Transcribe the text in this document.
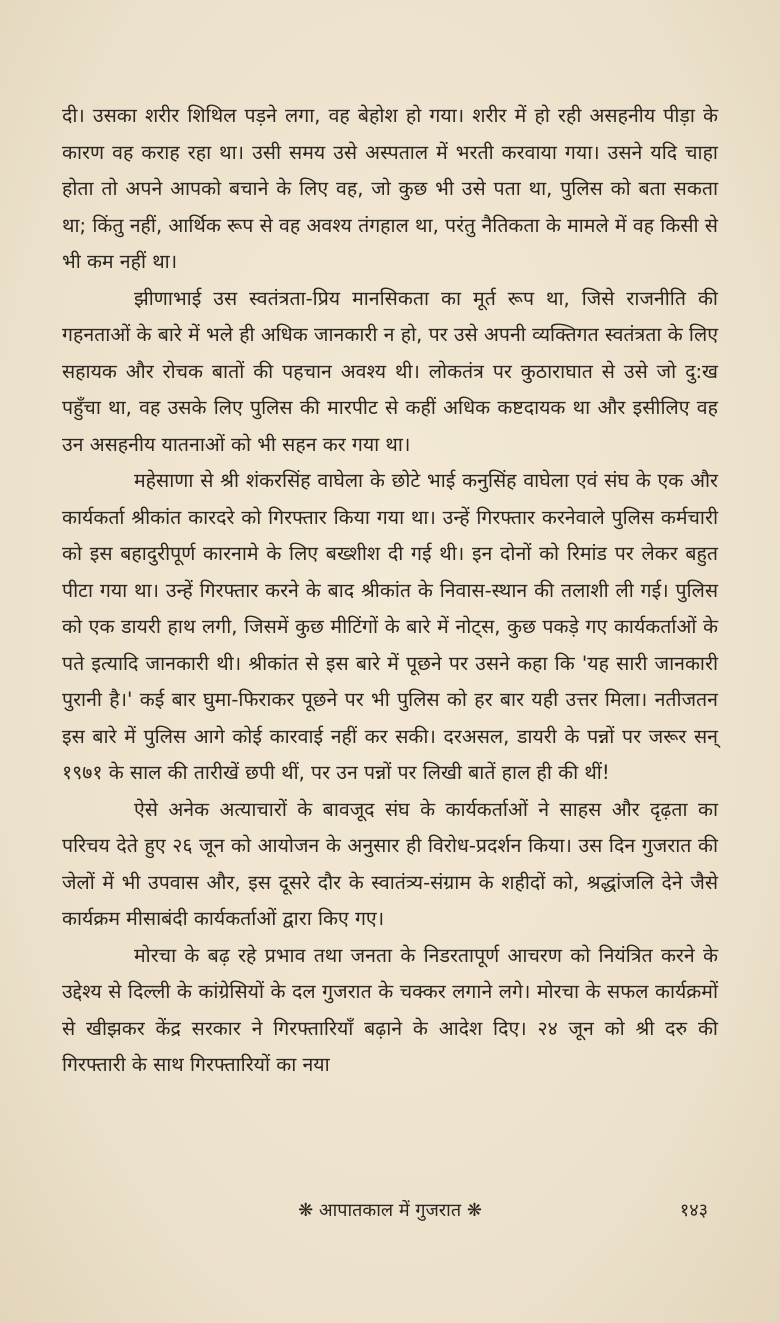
दी। उसका शरीर शिथिल पड़ने लगा, वह बेहोश हो गया। शरीर में हो रही असहनीय पीड़ा के कारण वह कराह रहा था। उसी समय उसे अस्पताल में भरती करवाया गया। उसने यदि चाहा होता तो अपने आपको बचाने के लिए वह, जो कुछ भी उसे पता था, पुलिस को बता सकता था; किंतु नहीं, आर्थिक रूप से वह अवश्य तंगहाल था, परंतु नैतिकता के मामले में वह किसी से भी कम नहीं था।

झीणाभाई उस स्वतंत्रता-प्रिय मानसिकता का मूर्त रूप था, जिसे राजनीति की गहनताओं के बारे में भले ही अधिक जानकारी न हो, पर उसे अपनी व्यक्तिगत स्वतंत्रता के लिए सहायक और रोचक बातों की पहचान अवश्य थी। लोकतंत्र पर कुठाराघात से उसे जो दु:ख पहुँचा था, वह उसके लिए पुलिस की मारपीट से कहीं अधिक कष्टदायक था और इसीलिए वह उन असहनीय यातनाओं को भी सहन कर गया था।

महेसाणा से श्री शंकरसिंह वाघेला के छोटे भाई कनुसिंह वाघेला एवं संघ के एक और कार्यकर्ता श्रीकांत कारदरे को गिरफ्तार किया गया था। उन्हें गिरफ्तार करनेवाले पुलिस कर्मचारी को इस बहादुरीपूर्ण कारनामे के लिए बख्शीश दी गई थी। इन दोनों को रिमांड पर लेकर बहुत पीटा गया था। उन्हें गिरफ्तार करने के बाद श्रीकांत के निवास-स्थान की तलाशी ली गई। पुलिस को एक डायरी हाथ लगी, जिसमें कुछ मीटिंगों के बारे में नोट्स, कुछ पकड़े गए कार्यकर्ताओं के पते इत्यादि जानकारी थी। श्रीकांत से इस बारे में पूछने पर उसने कहा कि 'यह सारी जानकारी पुरानी है।' कई बार घुमा-फिराकर पूछने पर भी पुलिस को हर बार यही उत्तर मिला। नतीजतन इस बारे में पुलिस आगे कोई कारवाई नहीं कर सकी। दरअसल, डायरी के पन्नों पर जरूर सन् १९७१ के साल की तारीखें छपी थीं, पर उन पन्नों पर लिखी बातें हाल ही की थीं!

ऐसे अनेक अत्याचारों के बावजूद संघ के कार्यकर्ताओं ने साहस और दृढ़ता का परिचय देते हुए २६ जून को आयोजन के अनुसार ही विरोध-प्रदर्शन किया। उस दिन गुजरात की जेलों में भी उपवास और, इस दूसरे दौर के स्वातंत्र्य-संग्राम के शहीदों को, श्रद्धांजलि देने जैसे कार्यक्रम मीसाबंदी कार्यकर्ताओं द्वारा किए गए।

मोरचा के बढ़ रहे प्रभाव तथा जनता के निडरतापूर्ण आचरण को नियंत्रित करने के उद्देश्य से दिल्ली के कांग्रेसियों के दल गुजरात के चक्कर लगाने लगे। मोरचा के सफल कार्यक्रमों से खीझकर केंद्र सरकार ने गिरफ्तारियाँ बढ़ाने के आदेश दिए। २४ जून को श्री दरु की गिरफ्तारी के साथ गिरफ्तारियों का नया

❋ आपातकाल में गुजरात ❋	१४३
